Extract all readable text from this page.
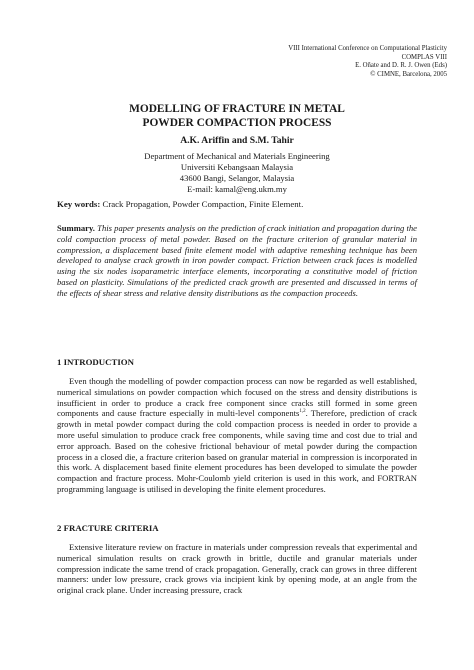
VIII International Conference on Computational Plasticity
COMPLAS VIII
E. Oñate and D. R. J. Owen (Eds)
© CIMNE, Barcelona, 2005
MODELLING OF FRACTURE IN METAL
POWDER COMPACTION PROCESS
A.K. Ariffin and S.M. Tahir
Department of Mechanical and Materials Engineering
Universiti Kebangsaan Malaysia
43600 Bangi, Selangor, Malaysia
E-mail: kamal@eng.ukm.my
Key words: Crack Propagation, Powder Compaction, Finite Element.
Summary. This paper presents analysis on the prediction of crack initiation and propagation during the cold compaction process of metal powder. Based on the fracture criterion of granular material in compression, a displacement based finite element model with adaptive remeshing technique has been developed to analyse crack growth in iron powder compact. Friction between crack faces is modelled using the six nodes isoparametric interface elements, incorporating a constitutive model of friction based on plasticity. Simulations of the predicted crack growth are presented and discussed in terms of the effects of shear stress and relative density distributions as the compaction proceeds.
1 INTRODUCTION
Even though the modelling of powder compaction process can now be regarded as well established, numerical simulations on powder compaction which focused on the stress and density distributions is insufficient in order to produce a crack free component since cracks still formed in some green components and cause fracture especially in multi-level components$^{1,2}$. Therefore, prediction of crack growth in metal powder compact during the cold compaction process is needed in order to provide a more useful simulation to produce crack free components, while saving time and cost due to trial and error approach. Based on the cohesive frictional behaviour of metal powder during the compaction process in a closed die, a fracture criterion based on granular material in compression is incorporated in this work. A displacement based finite element procedures has been developed to simulate the powder compaction and fracture process. Mohr-Coulomb yield criterion is used in this work, and FORTRAN programming language is utilised in developing the finite element procedures.
2 FRACTURE CRITERIA
Extensive literature review on fracture in materials under compression reveals that experimental and numerical simulation results on crack growth in brittle, ductile and granular materials under compression indicate the same trend of crack propagation. Generally, crack can grows in three different manners: under low pressure, crack grows via incipient kink by opening mode, at an angle from the original crack plane. Under increasing pressure, crack
